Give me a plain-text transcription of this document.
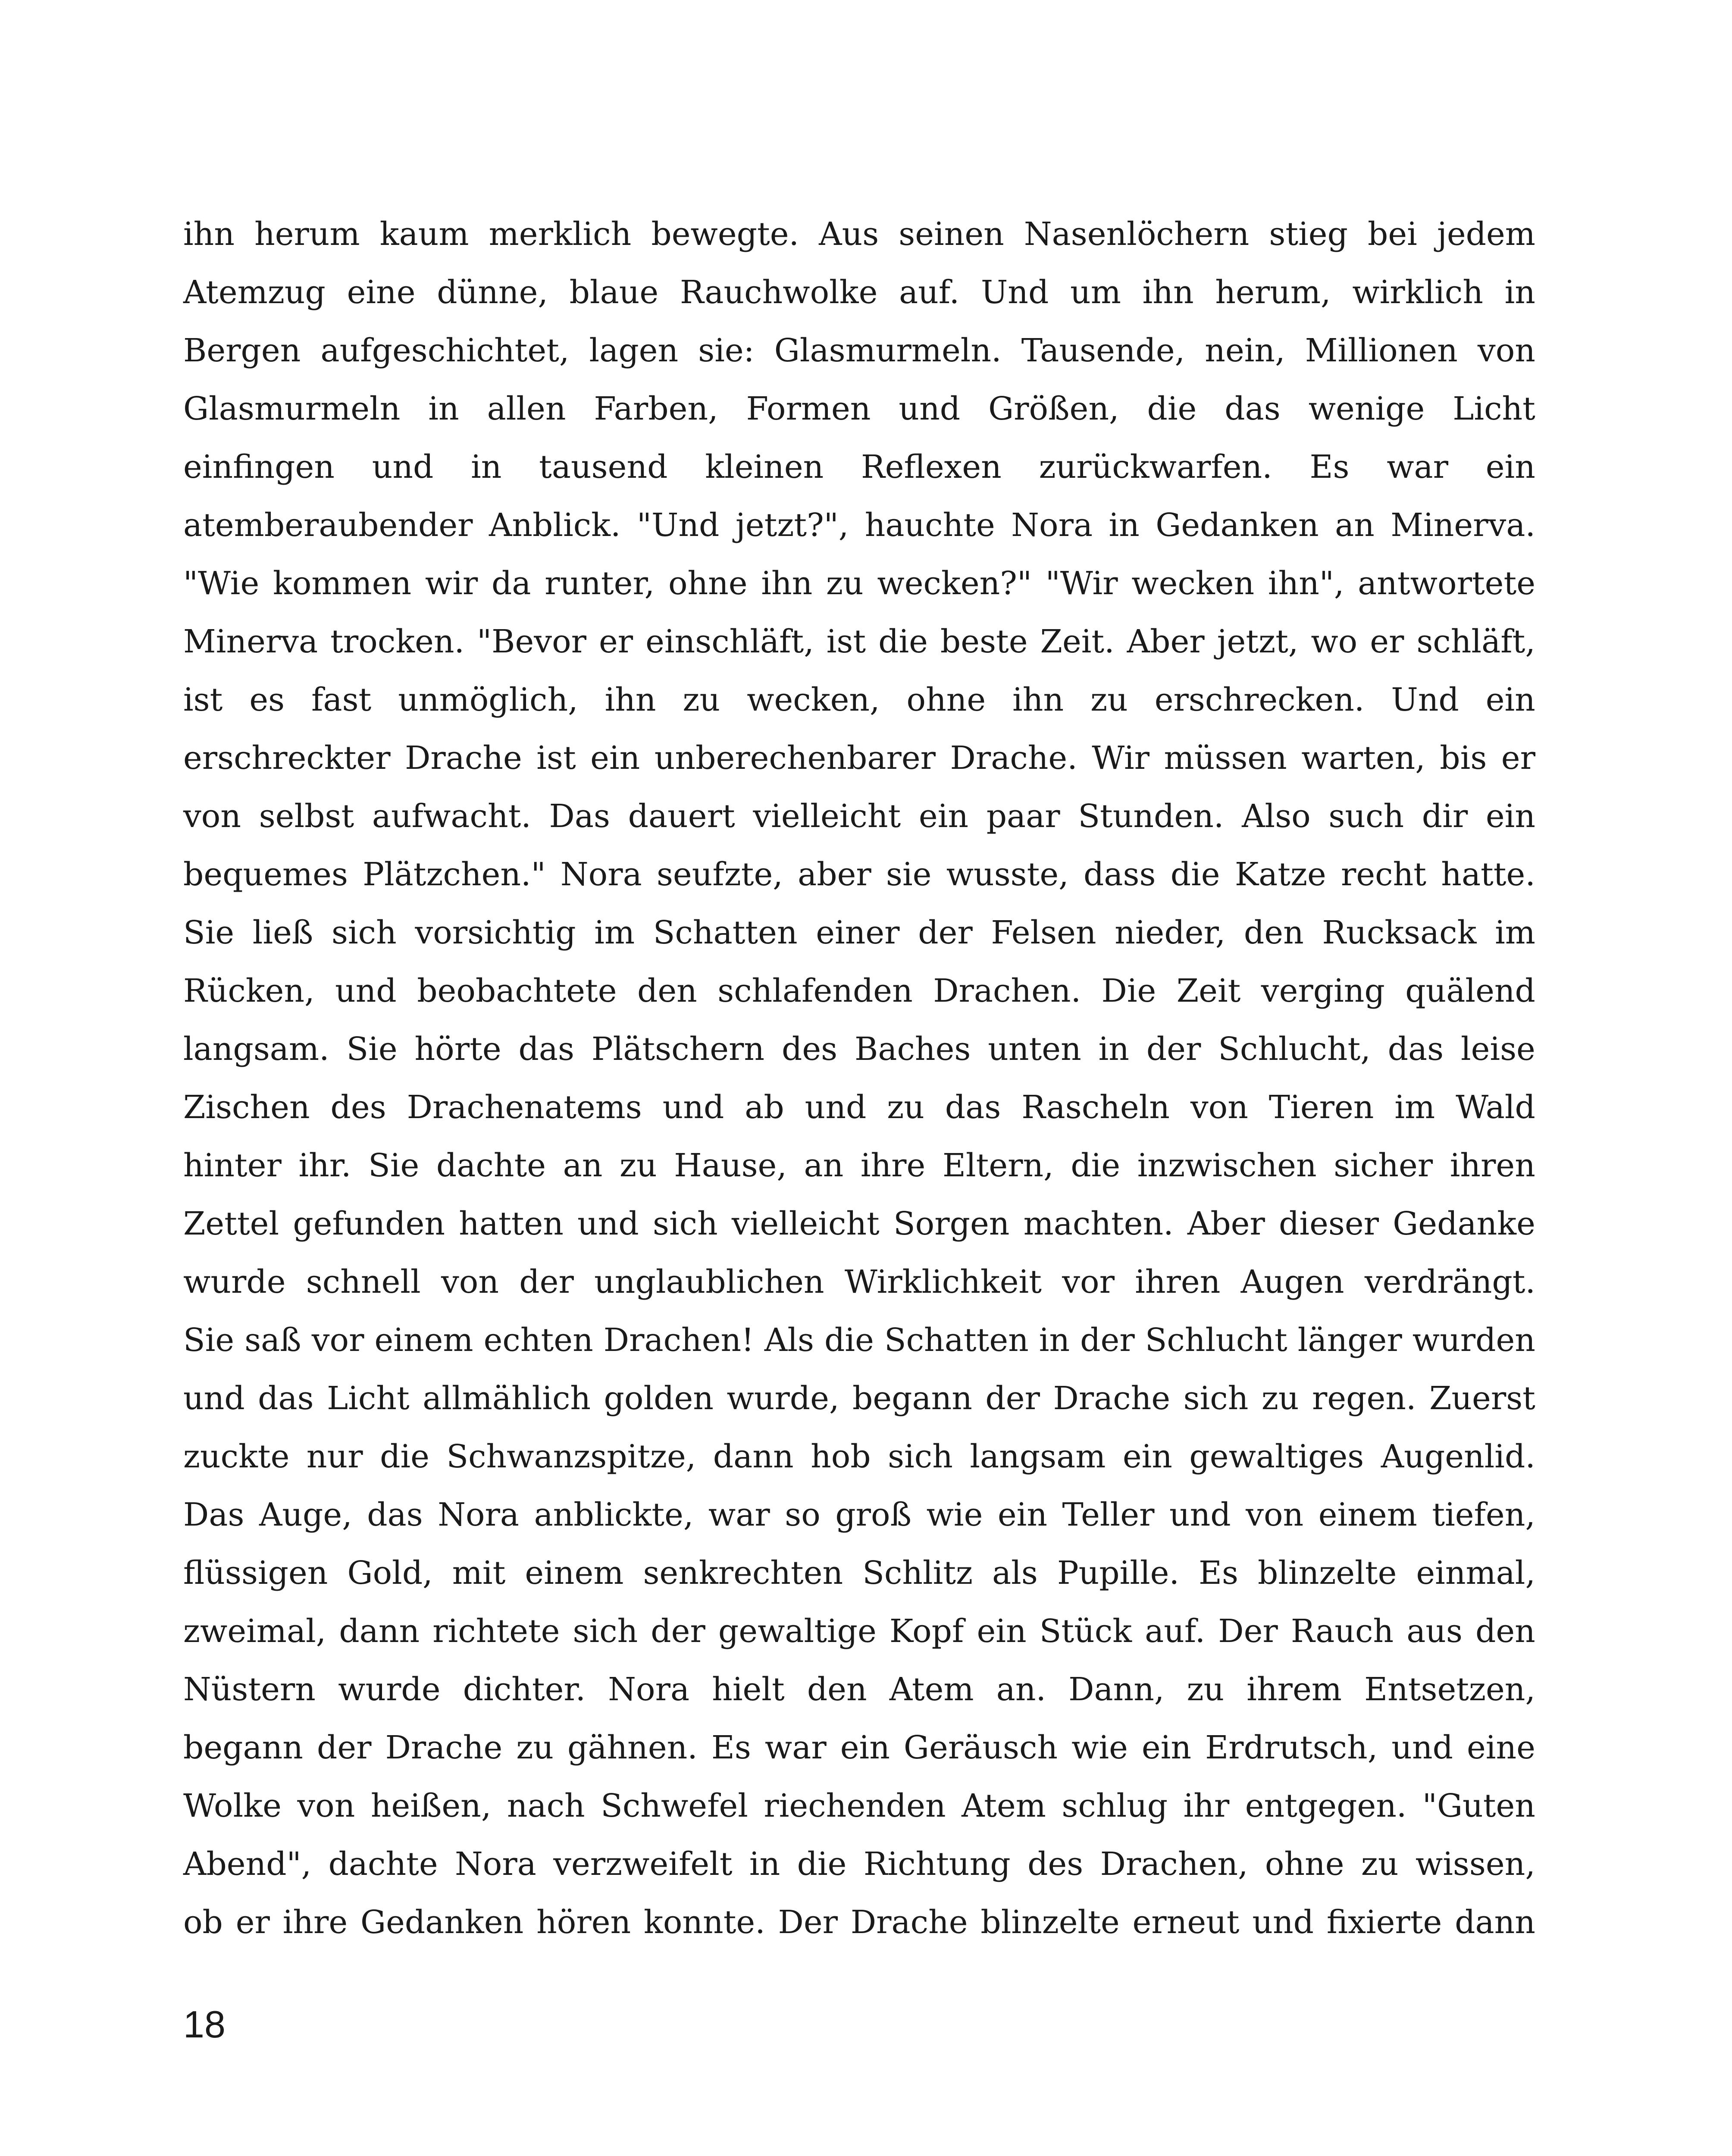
ihn herum kaum merklich bewegte. Aus seinen Nasenlöchern stieg bei jedem
Atemzug eine dünne, blaue Rauchwolke auf. Und um ihn herum, wirklich in
Bergen aufgeschichtet, lagen sie: Glasmurmeln. Tausende, nein, Millionen von
Glasmurmeln in allen Farben, Formen und Größen, die das wenige Licht
einfingen und in tausend kleinen Reflexen zurückwarfen. Es war ein
atemberaubender Anblick. "Und jetzt?", hauchte Nora in Gedanken an Minerva.
"Wie kommen wir da runter, ohne ihn zu wecken?" "Wir wecken ihn", antwortete
Minerva trocken. "Bevor er einschläft, ist die beste Zeit. Aber jetzt, wo er schläft,
ist es fast unmöglich, ihn zu wecken, ohne ihn zu erschrecken. Und ein
erschreckter Drache ist ein unberechenbarer Drache. Wir müssen warten, bis er
von selbst aufwacht. Das dauert vielleicht ein paar Stunden. Also such dir ein
bequemes Plätzchen." Nora seufzte, aber sie wusste, dass die Katze recht hatte.
Sie ließ sich vorsichtig im Schatten einer der Felsen nieder, den Rucksack im
Rücken, und beobachtete den schlafenden Drachen. Die Zeit verging quälend
langsam. Sie hörte das Plätschern des Baches unten in der Schlucht, das leise
Zischen des Drachenatems und ab und zu das Rascheln von Tieren im Wald
hinter ihr. Sie dachte an zu Hause, an ihre Eltern, die inzwischen sicher ihren
Zettel gefunden hatten und sich vielleicht Sorgen machten. Aber dieser Gedanke
wurde schnell von der unglaublichen Wirklichkeit vor ihren Augen verdrängt.
Sie saß vor einem echten Drachen! Als die Schatten in der Schlucht länger wurden
und das Licht allmählich golden wurde, begann der Drache sich zu regen. Zuerst
zuckte nur die Schwanzspitze, dann hob sich langsam ein gewaltiges Augenlid.
Das Auge, das Nora anblickte, war so groß wie ein Teller und von einem tiefen,
flüssigen Gold, mit einem senkrechten Schlitz als Pupille. Es blinzelte einmal,
zweimal, dann richtete sich der gewaltige Kopf ein Stück auf. Der Rauch aus den
Nüstern wurde dichter. Nora hielt den Atem an. Dann, zu ihrem Entsetzen,
begann der Drache zu gähnen. Es war ein Geräusch wie ein Erdrutsch, und eine
Wolke von heißen, nach Schwefel riechenden Atem schlug ihr entgegen. "Guten
Abend", dachte Nora verzweifelt in die Richtung des Drachen, ohne zu wissen,
ob er ihre Gedanken hören konnte. Der Drache blinzelte erneut und fixierte dann
18
